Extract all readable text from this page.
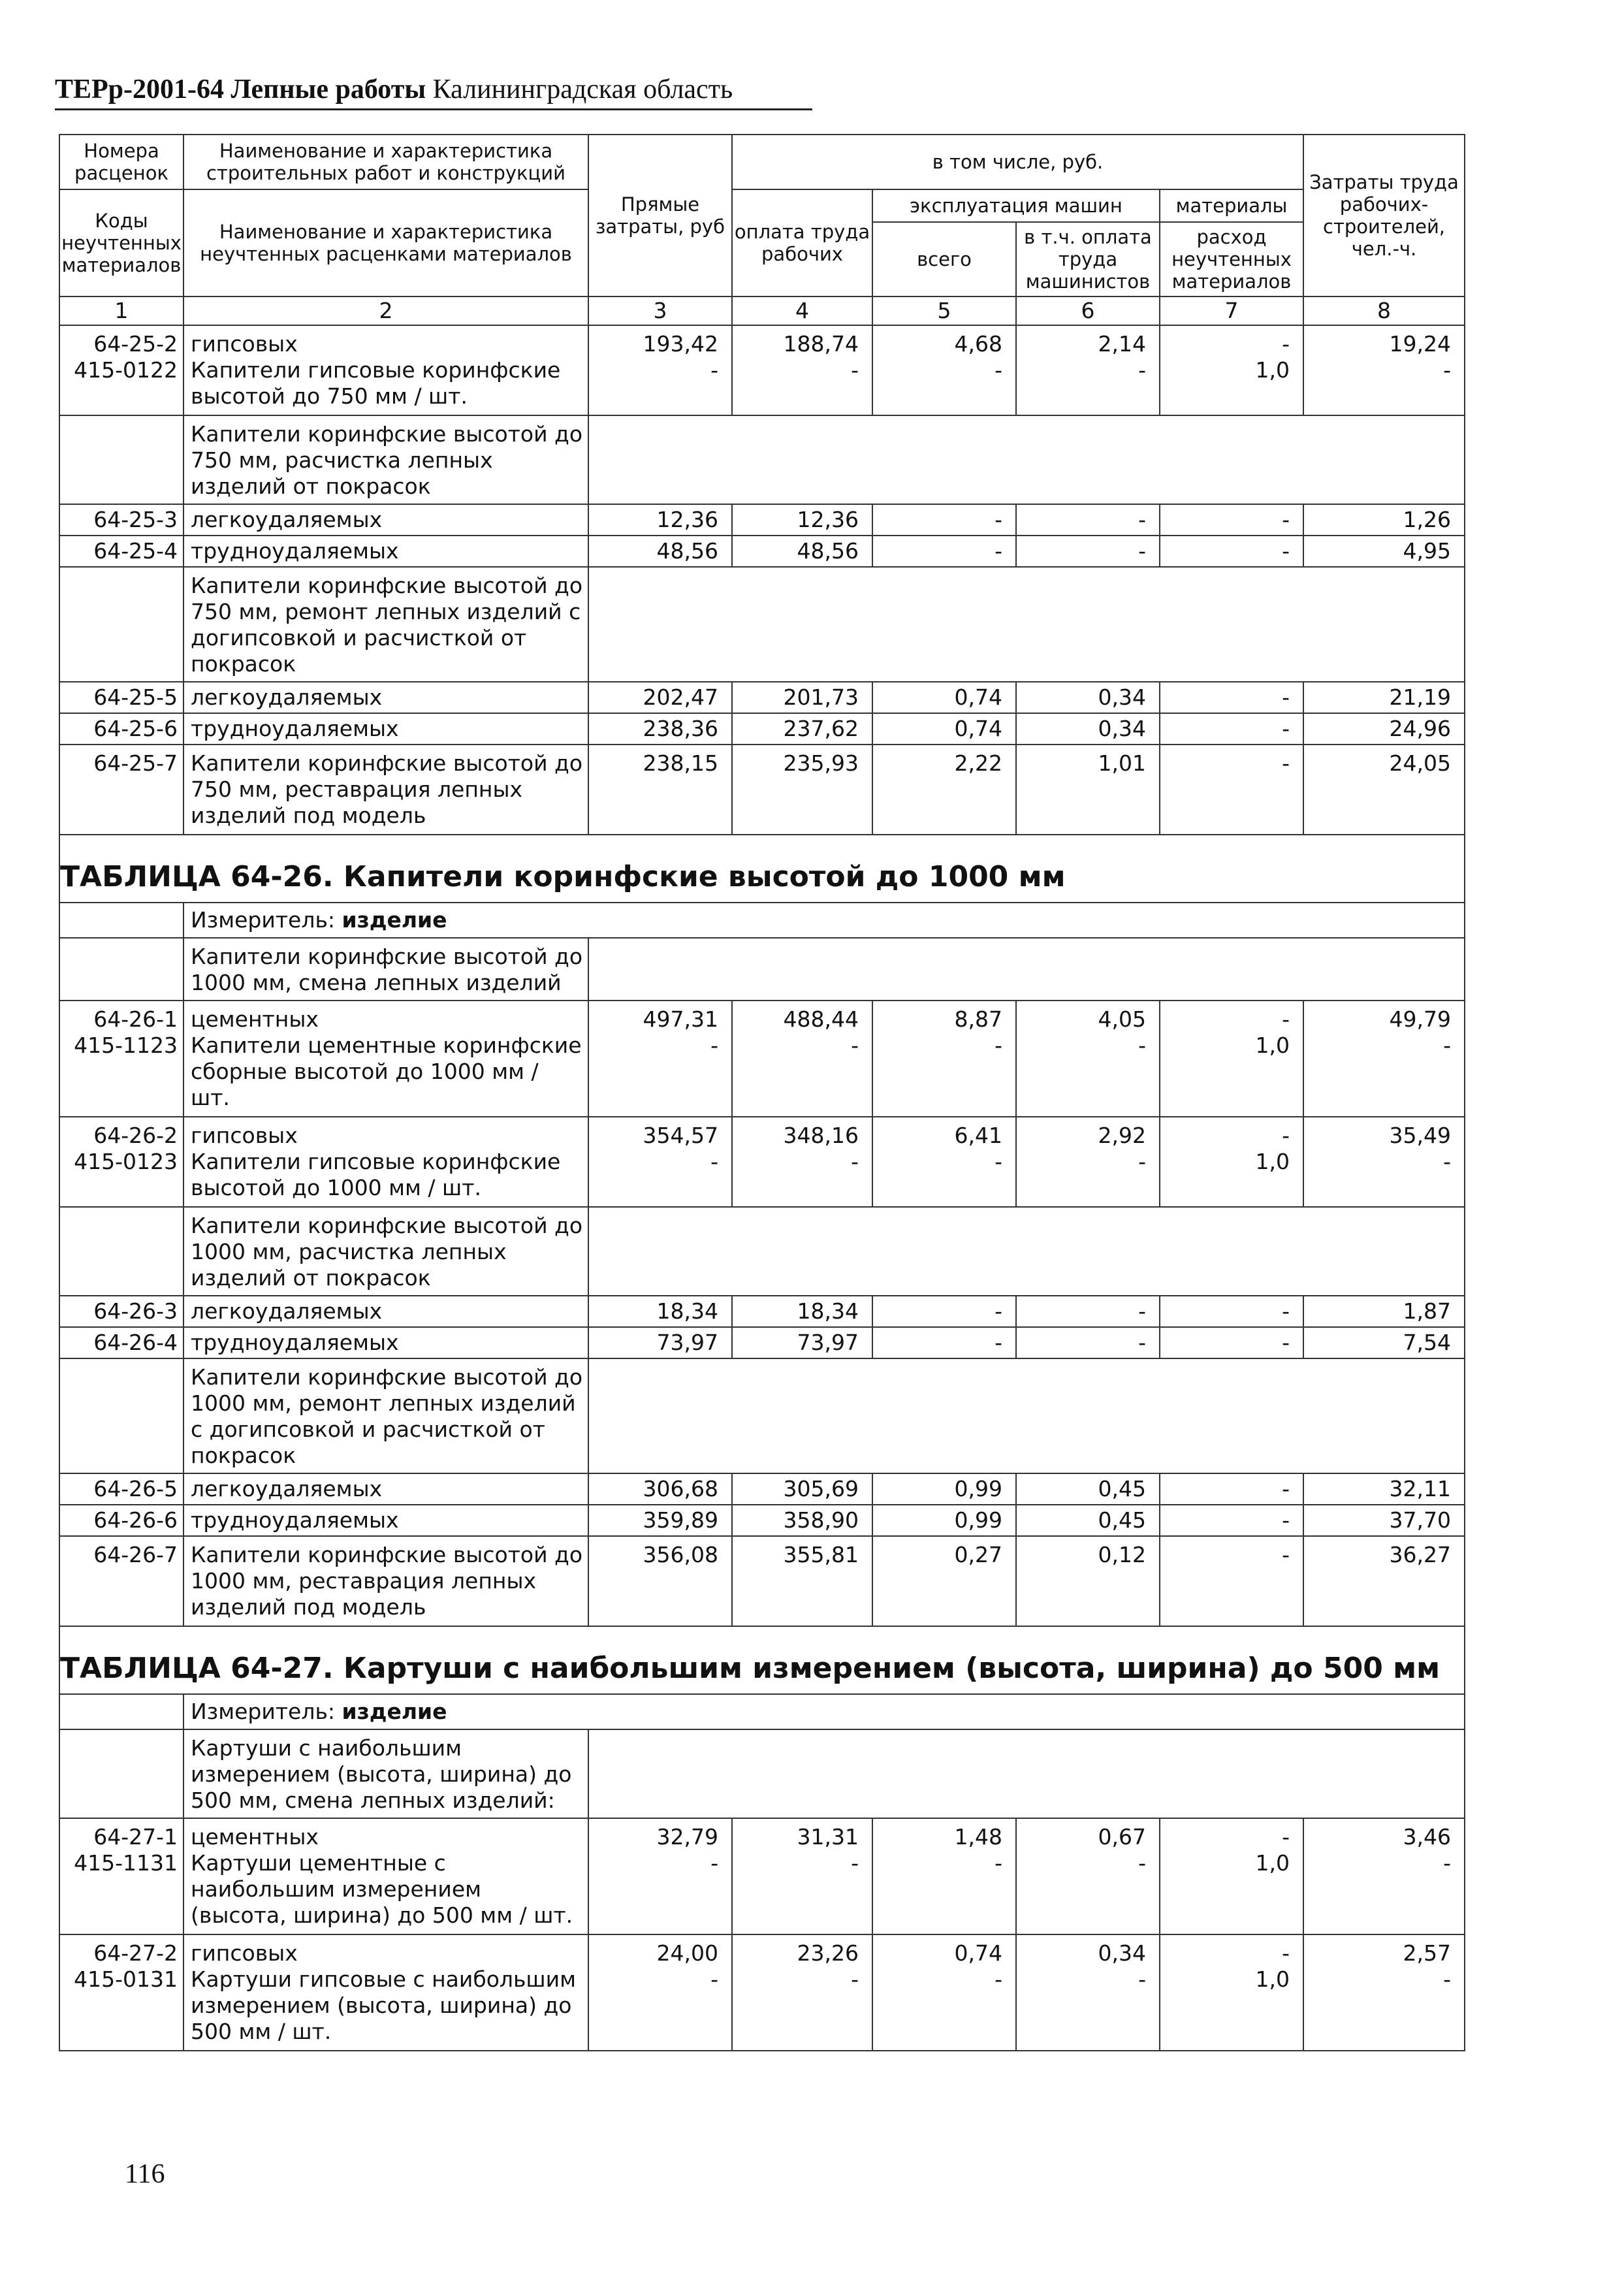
ТЕРр-2001-64 Лепные работы Калининградская область
Номера расценок	Наименование и характеристика строительных работ и конструкций	Прямые затраты, руб	в том числе, руб.				Затраты труда рабочих-строителей, чел.-ч.
Коды неучтенных материалов	Наименование и характеристика неучтенных расценками материалов		оплата труда рабочих	эксплуатация машин		материалы	
				всего	в т.ч. оплата труда машинистов	расход неучтенных материалов	
1	2	3	4	5	6	7	8
64-25-2	гипсовых	193,42	188,74	4,68	2,14	-	19,24
415-0122	Капители гипсовые коринфские высотой до 750 мм / шт.	-	-	-	-	1,0	-
	Капители коринфские высотой до 750 мм, расчистка лепных изделий от покрасок						
64-25-3	легкоудаляемых	12,36	12,36	-	-	-	1,26
64-25-4	трудноудаляемых	48,56	48,56	-	-	-	4,95
	Капители коринфские высотой до 750 мм, ремонт лепных изделий с догипсовкой и расчисткой от покрасок						
64-25-5	легкоудаляемых	202,47	201,73	0,74	0,34	-	21,19
64-25-6	трудноудаляемых	238,36	237,62	0,74	0,34	-	24,96
64-25-7	Капители коринфские высотой до 750 мм, реставрация лепных изделий под модель	238,15	235,93	2,22	1,01	-	24,05
ТАБЛИЦА 64-26. Капители коринфские высотой до 1000 мм							
	Измеритель: изделие						
	Капители коринфские высотой до 1000 мм, смена лепных изделий						
64-26-1	цементных	497,31	488,44	8,87	4,05	-	49,79
415-1123	Капители цементные коринфские сборные высотой до 1000 мм / шт.	-	-	-	-	1,0	-
64-26-2	гипсовых	354,57	348,16	6,41	2,92	-	35,49
415-0123	Капители гипсовые коринфские высотой до 1000 мм / шт.	-	-	-	-	1,0	-
	Капители коринфские высотой до 1000 мм, расчистка лепных изделий от покрасок						
64-26-3	легкоудаляемых	18,34	18,34	-	-	-	1,87
64-26-4	трудноудаляемых	73,97	73,97	-	-	-	7,54
	Капители коринфские высотой до 1000 мм, ремонт лепных изделий с догипсовкой и расчисткой от покрасок						
64-26-5	легкоудаляемых	306,68	305,69	0,99	0,45	-	32,11
64-26-6	трудноудаляемых	359,89	358,90	0,99	0,45	-	37,70
64-26-7	Капители коринфские высотой до 1000 мм, реставрация лепных изделий под модель	356,08	355,81	0,27	0,12	-	36,27
ТАБЛИЦА 64-27. Картуши с наибольшим измерением (высота, ширина) до 500 мм							
	Измеритель: изделие						
	Картуши с наибольшим измерением (высота, ширина) до 500 мм, смена лепных изделий:						
64-27-1	цементных	32,79	31,31	1,48	0,67	-	3,46
415-1131	Картуши цементные с наибольшим измерением (высота, ширина) до 500 мм / шт.	-	-	-	-	1,0	-
64-27-2	гипсовых	24,00	23,26	0,74	0,34	-	2,57
415-0131	Картуши гипсовые с наибольшим измерением (высота, ширина) до 500 мм / шт.	-	-	-	-	1,0	-
116
